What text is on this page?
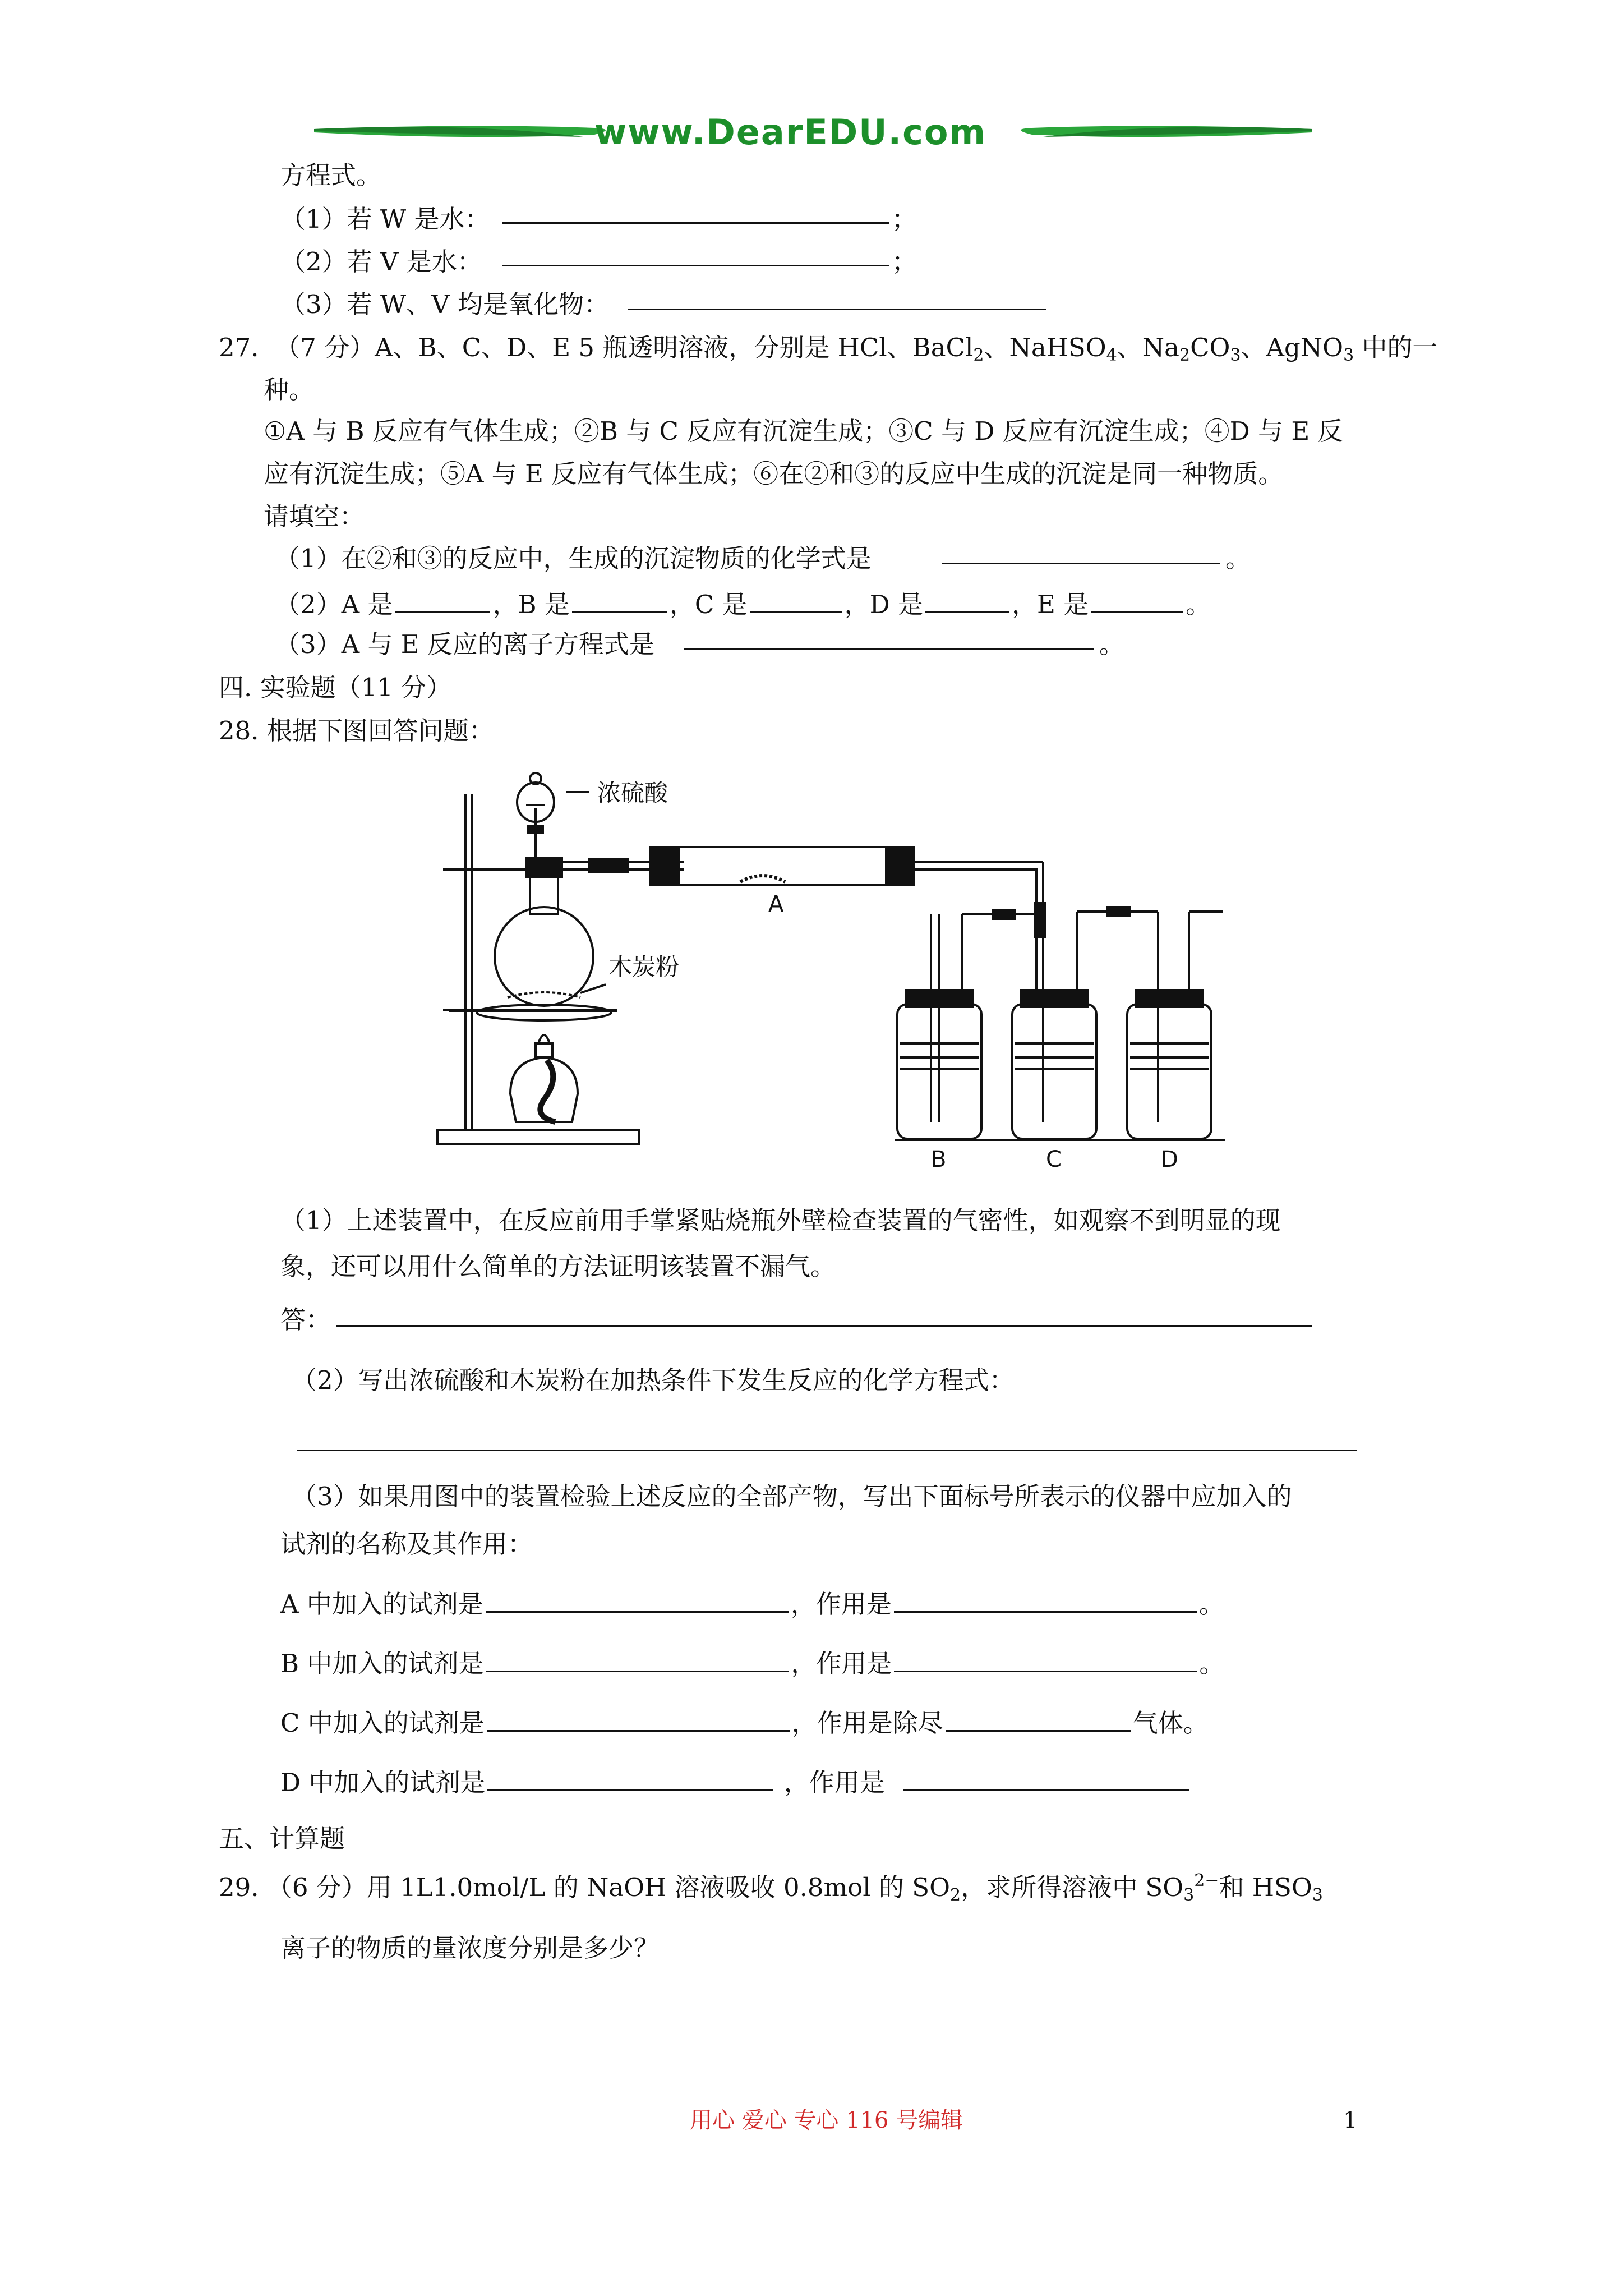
www.DearEDU.com
方程式。
（1）若 W 是水：	；
（2）若 V 是水：	；
（3）若 W、V 均是氧化物：
27. （7 分）A、B、C、D、E 5 瓶透明溶液，分别是 HCl、BaCl$_2$、NaHSO$_4$、$Na_2CO_3$、AgNO$_3$ 中的一
种。
①A 与 B 反应有气体生成；②B 与 C 反应有沉淀生成；③C 与 D 反应有沉淀生成；④D 与 E 反
应有沉淀生成；⑤A 与 E 反应有气体生成；⑥在②和③的反应中生成的沉淀是同一种物质。
请填空：
（1）在②和③的反应中，生成的沉淀物质的化学式是	。
（2）A 是	，B 是	，C 是	，D 是	，E 是	。
（3）A 与 E 反应的离子方程式是	。
四. 实验题（11 分）
28. 根据下图回答问题：
浓硫酸
木炭粉
A
B	C	D
（1）上述装置中，在反应前用手掌紧贴烧瓶外壁检查装置的气密性，如观察不到明显的现
象，还可以用什么简单的方法证明该装置不漏气。
答：
（2）写出浓硫酸和木炭粉在加热条件下发生反应的化学方程式：
（3）如果用图中的装置检验上述反应的全部产物，写出下面标号所表示的仪器中应加入的
试剂的名称及其作用：
A 中加入的试剂是	，作用是	。
B 中加入的试剂是	，作用是	。
C 中加入的试剂是	，作用是除尽	气体。
D 中加入的试剂是	，作用是
五、计算题
29. （6 分）用 1L1.0mol/L 的 NaOH 溶液吸收 0.8mol 的 $SO_2$，求所得溶液中 $SO_3^{2-}$和 $HSO_3$
离子的物质的量浓度分别是多少？
用心 爱心 专心 116 号编辑	1
